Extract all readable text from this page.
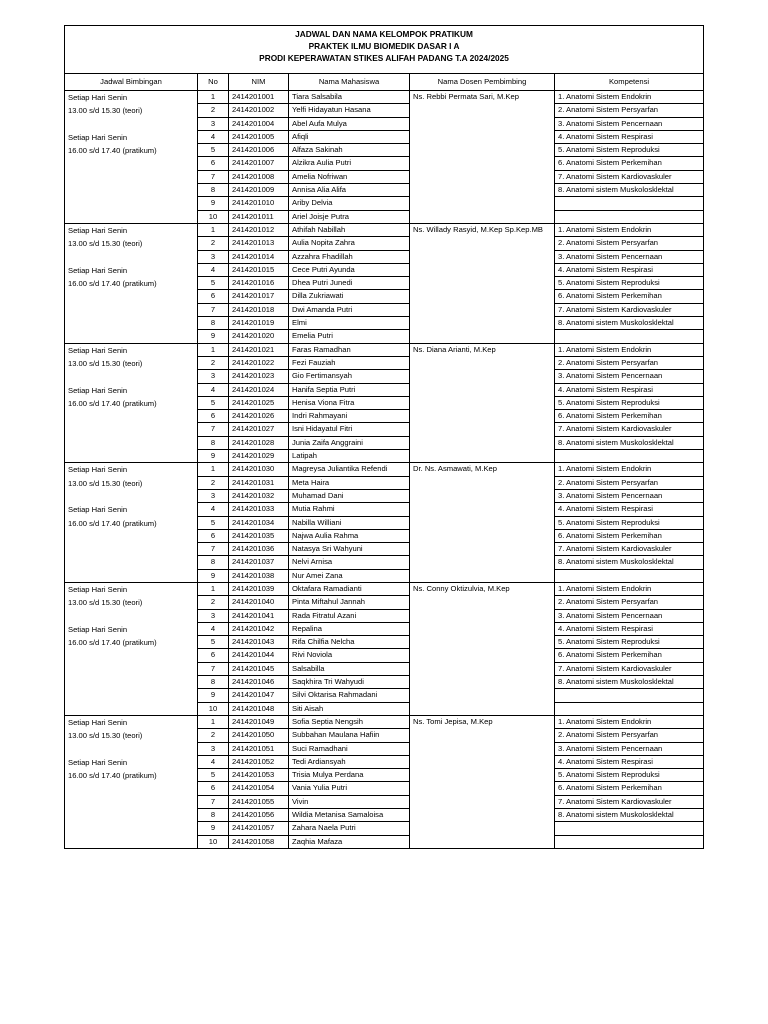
JADWAL DAN NAMA KELOMPOK PRATIKUM					
PRAKTEK ILMU BIOMEDIK DASAR I A					
PRODI KEPERAWATAN STIKES ALIFAH PADANG T.A 2024/2025					
Jadwal Bimbingan	No	NIM	Nama Mahasiswa	Nama Dosen Pembimbing	Kompetensi

Setiap Hari Senin
13.00 s/d 15.30 (teori)
Setiap Hari Senin
16.00 s/d 17.40 (pratikum)	1	2414201001	Tiara Salsabila	Ns. Rebbi Permata Sari, M.Kep	1. Anatomi Sistem Endokrin
	2	2414201002	Yelfi Hidayatun Hasana		2. Anatomi Sistem Persyarfan
	3	2414201004	Abel Aufa Mulya		3. Anatomi Sistem Pencernaan
	4	2414201005	Afiqli		4. Anatomi Sistem Respirasi
	5	2414201006	Alfaza Sakinah		5. Anatomi Sistem Reproduksi
	6	2414201007	Alzikra Aulia Putri		6. Anatomi Sistem Perkemihan
	7	2414201008	Amelia Nofriwan		7. Anatomi Sistem Kardiovaskuler
	8	2414201009	Annisa Alia Alifa		8. Anatomi sistem Muskolosklektal
	9	2414201010	Ariby Delvia		
	10	2414201011	Ariel Joisje Putra		

Setiap Hari Senin
13.00 s/d 15.30 (teori)
Setiap Hari Senin
16.00 s/d 17.40 (pratikum)	1	2414201012	Athifah Nabillah	Ns. Willady Rasyid, M.Kep Sp.Kep.MB	1. Anatomi Sistem Endokrin
	2	2414201013	Aulia Nopita Zahra		2. Anatomi Sistem Persyarfan
	3	2414201014	Azzahra Fhadillah		3. Anatomi Sistem Pencernaan
	4	2414201015	Cece Putri Ayunda		4. Anatomi Sistem Respirasi
	5	2414201016	Dhea Putri Junedi		5. Anatomi Sistem Reproduksi
	6	2414201017	Dilla Zukriawati		6. Anatomi Sistem Perkemihan
	7	2414201018	Dwi Amanda Putri		7. Anatomi Sistem Kardiovaskuler
	8	2414201019	Elmi		8. Anatomi sistem Muskolosklektal
	9	2414201020	Emelia Putri		

Setiap Hari Senin
13.00 s/d 15.30 (teori)
Setiap Hari Senin
16.00 s/d 17.40 (pratikum)	1	2414201021	Faras Ramadhan	Ns. Diana Arianti, M.Kep	1. Anatomi Sistem Endokrin
	2	2414201022	Fezi Fauziah		2. Anatomi Sistem Persyarfan
	3	2414201023	Gio Fertimansyah		3. Anatomi Sistem Pencernaan
	4	2414201024	Hanifa Septia Putri		4. Anatomi Sistem Respirasi
	5	2414201025	Henisa Viona Fitra		5. Anatomi Sistem Reproduksi
	6	2414201026	Indri Rahmayani		6. Anatomi Sistem Perkemihan
	7	2414201027	Isni Hidayatul Fitri		7. Anatomi Sistem Kardiovaskuler
	8	2414201028	Junia Zaifa Anggraini		8. Anatomi sistem Muskolosklektal
	9	2414201029	Latipah		

Setiap Hari Senin
13.00 s/d 15.30 (teori)
Setiap Hari Senin
16.00 s/d 17.40 (pratikum)	1	2414201030	Magreysa Juliantika Refendi	Dr. Ns. Asmawati, M.Kep	1. Anatomi Sistem Endokrin
	2	2414201031	Meta Haira		2. Anatomi Sistem Persyarfan
	3	2414201032	Muhamad Dani		3. Anatomi Sistem Pencernaan
	4	2414201033	Mutia Rahmi		4. Anatomi Sistem Respirasi
	5	2414201034	Nabilla Williani		5. Anatomi Sistem Reproduksi
	6	2414201035	Najwa Aulia Rahma		6. Anatomi Sistem Perkemihan
	7	2414201036	Natasya Sri Wahyuni		7. Anatomi Sistem Kardiovaskuler
	8	2414201037	Nelvi Arnisa		8. Anatomi sistem Muskolosklektal
	9	2414201038	Nur Amei Zana		

Setiap Hari Senin
13.00 s/d 15.30 (teori)
Setiap Hari Senin
16.00 s/d 17.40 (pratikum)	1	2414201039	Oktafara Ramadianti	Ns. Conny Oktizulvia, M.Kep	1. Anatomi Sistem Endokrin
	2	2414201040	Pinta Miftahul Jannah		2. Anatomi Sistem Persyarfan
	3	2414201041	Rada Fitratul Azani		3. Anatomi Sistem Pencernaan
	4	2414201042	Repalina		4. Anatomi Sistem Respirasi
	5	2414201043	Rifa Chilfia Nelcha		5. Anatomi Sistem Reproduksi
	6	2414201044	Rivi Noviola		6. Anatomi Sistem Perkemihan
	7	2414201045	Salsabilla		7. Anatomi Sistem Kardiovaskuler
	8	2414201046	Saqkhira Tri Wahyudi		8. Anatomi sistem Muskolosklektal
	9	2414201047	Silvi Oktarisa Rahmadani		
	10	2414201048	Siti Aisah		

Setiap Hari Senin
13.00 s/d 15.30 (teori)
Setiap Hari Senin
16.00 s/d 17.40 (pratikum)	1	2414201049	Sofia Septia Nengsih	Ns. Tomi Jepisa, M.Kep	1. Anatomi Sistem Endokrin
	2	2414201050	Subbahan Maulana Hafiin		2. Anatomi Sistem Persyarfan
	3	2414201051	Suci Ramadhani		3. Anatomi Sistem Pencernaan
	4	2414201052	Tedi Ardiansyah		4. Anatomi Sistem Respirasi
	5	2414201053	Trisia Mulya Perdana		5. Anatomi Sistem Reproduksi
	6	2414201054	Vania Yulia Putri		6. Anatomi Sistem Perkemihan
	7	2414201055	Vivin		7. Anatomi Sistem Kardiovaskuler
	8	2414201056	Wildia Metanisa Samaloisa		8. Anatomi sistem Muskolosklektal
	9	2414201057	Zahara Naela Putri		
	10	2414201058	Zaqhia Mafaza		
